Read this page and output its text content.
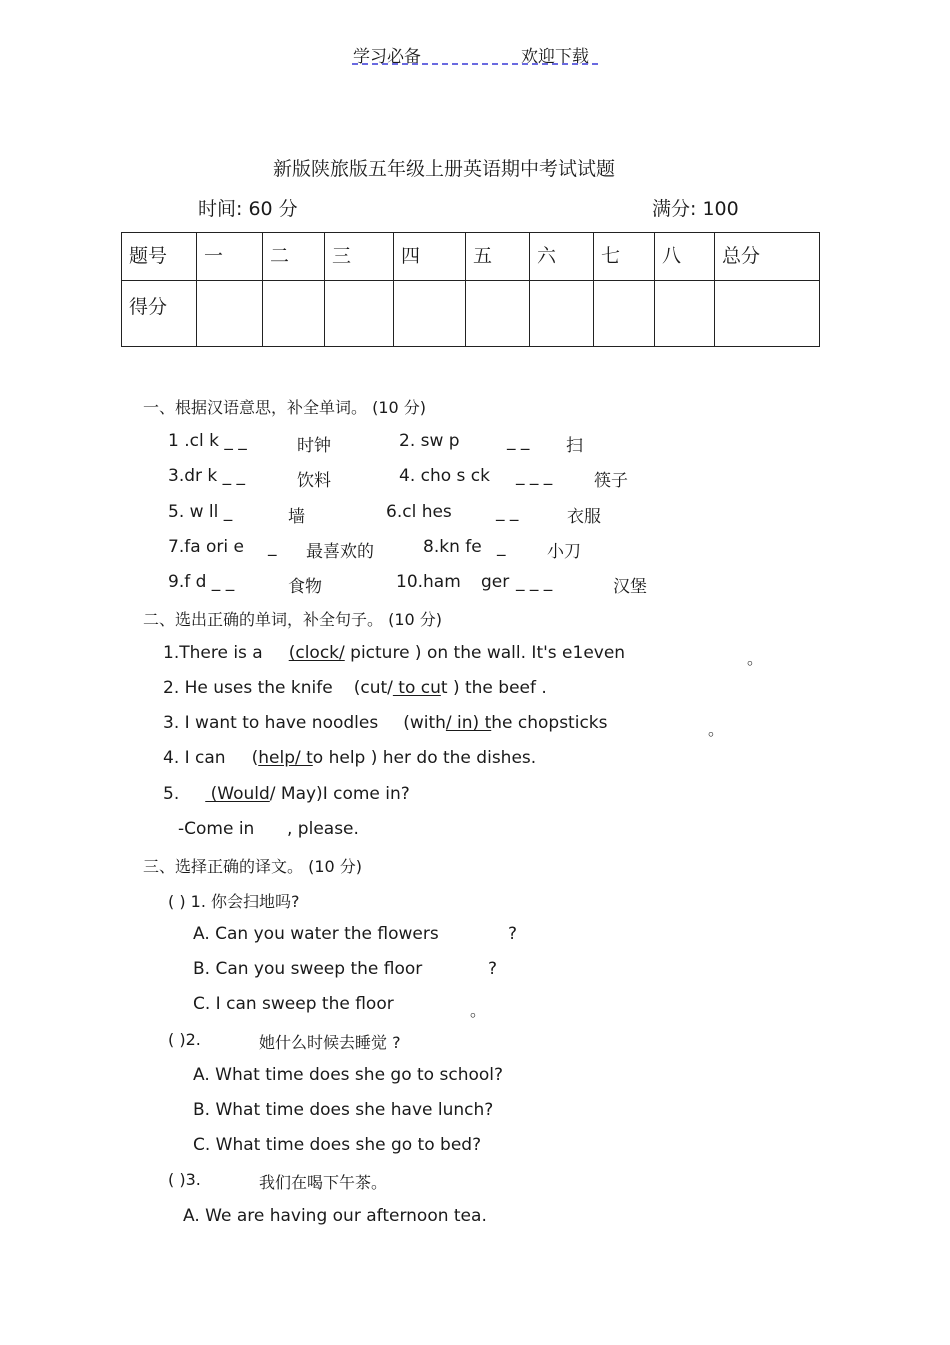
学习必备	欢迎下载
新版陕旅版五年级上册英语期中考试试题
时间: 60 分	满分: 100
题号	一	二	三	四	五	六	七	八	总分
得分									
一、根据汉语意思，补全单词。 (10 分)
1 .cl k _ _	时钟	2. sw p	_ _ 扫
3.dr k _ _	饮料	4. cho s ck _ _ _ 筷子
5. w ll _	墙	6.cl hes	_ _	衣服
7.fa ori e _ 最喜欢的	8.kn fe _ 小刀
9.f d _ _	食物	10.ham ger _ _ _	汉堡
二、选出正确的单词，补全句子。 (10 分)
1.There is a (clock/ picture ) on the wall. It's e1even	。
2. He uses the knife (cut/ to cut ) the beef .
3. I want to have noodles (with/ in) the chopsticks	。
4. I can (help/ to help ) her do the dishes.
5. (Would/ May)I come in?
-Come in , please.
三、选择正确的译文。 (10 分)
( ) 1. 你会扫地吗?
A. Can you water the flowers	?
B. Can you sweep the floor	?
C. I can sweep the floor	。
( )2.	她什么时候去睡觉 ?
A. What time does she go to school?
B. What time does she have lunch?
C. What time does she go to bed?
( )3.	我们在喝下午茶。
A. We are having our afternoon tea.
